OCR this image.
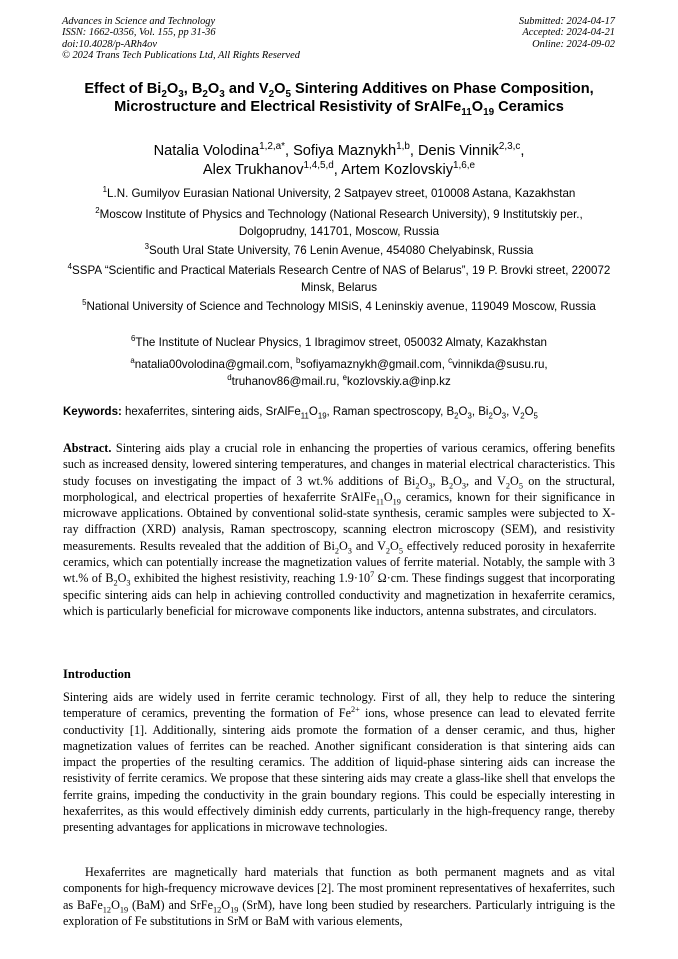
Advances in Science and Technology
ISSN: 1662-0356, Vol. 155, pp 31-36
doi:10.4028/p-ARh4ov
© 2024 Trans Tech Publications Ltd, All Rights Reserved
Submitted: 2024-04-17
Accepted: 2024-04-21
Online: 2024-09-02
Effect of $Bi_2O_3$, $B_2O_3$ and $V_2O_5$ Sintering Additives on Phase Composition, Microstructure and Electrical Resistivity of $SrAlFe_{11}O_{19}$ Ceramics
Natalia Volodina$^{1,2,a*}$, Sofiya Maznykh$^{1,b}$, Denis Vinnik$^{2,3,c}$,
Alex Trukhanov$^{1,4,5,d}$, Artem Kozlovskiy$^{1,6,e}$
$^1$L.N. Gumilyov Eurasian National University, 2 Satpayev street, 010008 Astana, Kazakhstan
$^2$Moscow Institute of Physics and Technology (National Research University), 9 Institutskiy per., Dolgoprudny, 141701, Moscow, Russia
$^3$South Ural State University, 76 Lenin Avenue, 454080 Chelyabinsk, Russia
$^4$SSPA “Scientific and Practical Materials Research Centre of NAS of Belarus”, 19 P. Brovki street, 220072 Minsk, Belarus
$^5$National University of Science and Technology MISiS, 4 Leninskiy avenue, 119049 Moscow, Russia
$^6$The Institute of Nuclear Physics, 1 Ibragimov street, 050032 Almaty, Kazakhstan
$^a$natalia00volodina@gmail.com, $^b$sofiyamaznykh@gmail.com, $^c$vinnikda@susu.ru,
$^d$truhanov86@mail.ru, $^e$kozlovskiy.a@inp.kz
Keywords: hexaferrites, sintering aids, $SrAlFe_{11}O_{19}$, Raman spectroscopy, $B_2O_3$, $Bi_2O_3$, $V_2O_5$
Abstract. Sintering aids play a crucial role in enhancing the properties of various ceramics, offering benefits such as increased density, lowered sintering temperatures, and changes in material electrical characteristics. This study focuses on investigating the impact of 3 wt.% additions of $Bi_2O_3$, $B_2O_3$, and $V_2O_5$ on the structural, morphological, and electrical properties of hexaferrite $SrAlFe_{11}O_{19}$ ceramics, known for their significance in microwave applications. Obtained by conventional solid-state synthesis, ceramic samples were subjected to X-ray diffraction (XRD) analysis, Raman spectroscopy, scanning electron microscopy (SEM), and resistivity measurements. Results revealed that the addition of $Bi_2O_3$ and $V_2O_5$ effectively reduced porosity in hexaferrite ceramics, which can potentially increase the magnetization values of ferrite material. Notably, the sample with 3 wt.% of $B_2O_3$ exhibited the highest resistivity, reaching $1.9\cdot 10^7$ Ω·cm. These findings suggest that incorporating specific sintering aids can help in achieving controlled conductivity and magnetization in hexaferrite ceramics, which is particularly beneficial for microwave components like inductors, antenna substrates, and circulators.
Introduction
Sintering aids are widely used in ferrite ceramic technology. First of all, they help to reduce the sintering temperature of ceramics, preventing the formation of $Fe^{2+}$ ions, whose presence can lead to elevated ferrite conductivity [1]. Additionally, sintering aids promote the formation of a denser ceramic, and thus, higher magnetization values of ferrites can be reached. Another significant consideration is that sintering aids can impact the properties of the resulting ceramics. The addition of liquid-phase sintering aids can increase the resistivity of ferrite ceramics. We propose that these sintering aids may create a glass-like shell that envelops the ferrite grains, impeding the conductivity in the grain boundary regions. This could be especially interesting in hexaferrites, as this would effectively diminish eddy currents, particularly in the high-frequency range, thereby presenting advantages for applications in microwave technologies.
Hexaferrites are magnetically hard materials that function as both permanent magnets and as vital components for high-frequency microwave devices [2]. The most prominent representatives of hexaferrites, such as $BaFe_{12}O_{19}$ (BaM) and $SrFe_{12}O_{19}$ (SrM), have long been studied by researchers. Particularly intriguing is the exploration of Fe substitutions in SrM or BaM with various elements,
